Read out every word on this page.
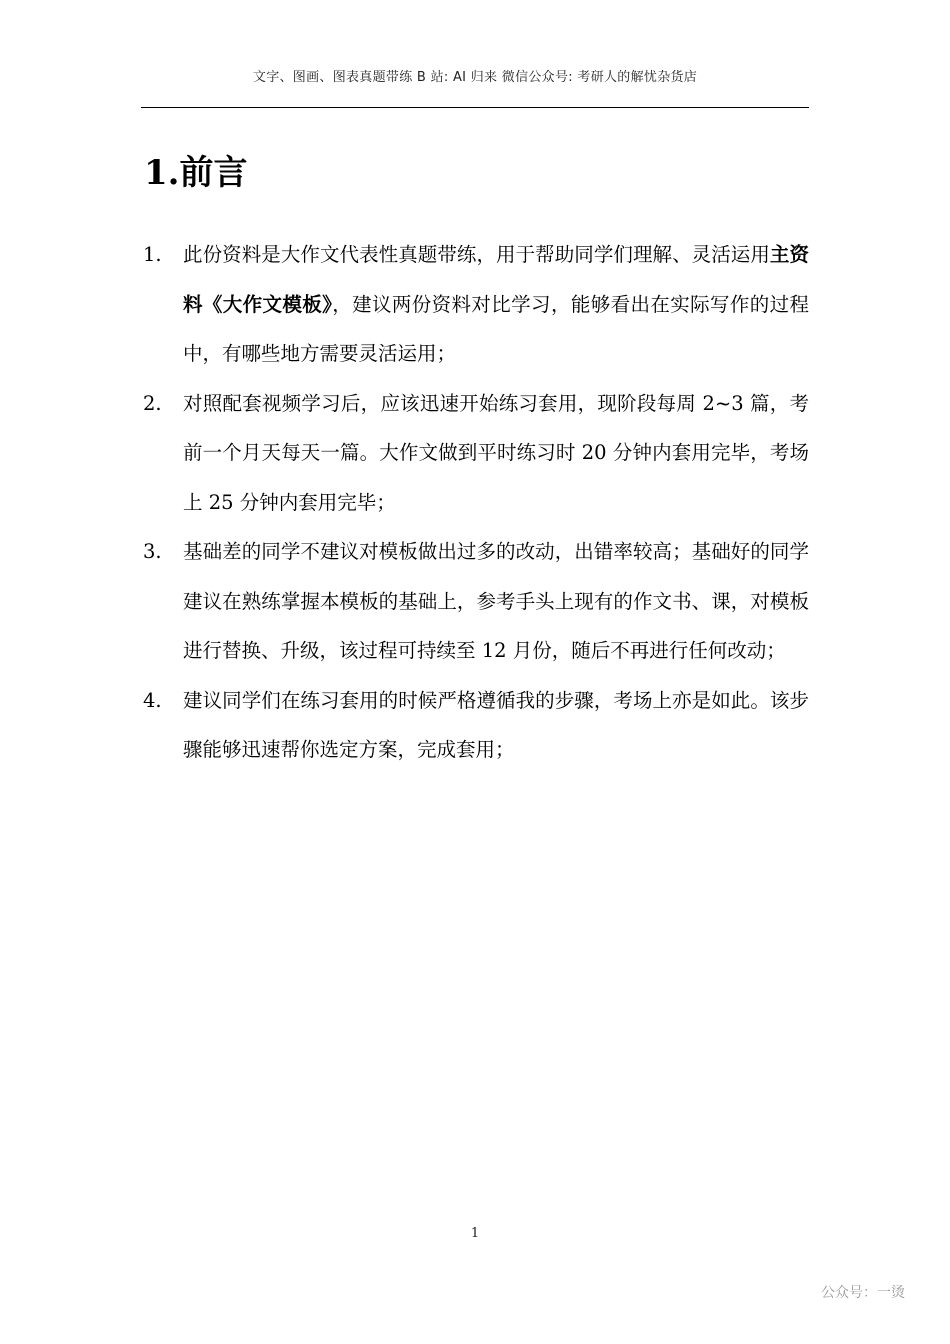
文字、图画、图表真题带练 B 站: AI 归来 微信公众号: 考研人的解忧杂货店
1.前言
1.	此份资料是大作文代表性真题带练，用于帮助同学们理解、灵活运用主资料《大作文模板》，建议两份资料对比学习，能够看出在实际写作的过程中，有哪些地方需要灵活运用；
2.	对照配套视频学习后，应该迅速开始练习套用，现阶段每周 2~3 篇，考前一个月天每天一篇。大作文做到平时练习时 20 分钟内套用完毕，考场上 25 分钟内套用完毕；
3.	基础差的同学不建议对模板做出过多的改动，出错率较高；基础好的同学建议在熟练掌握本模板的基础上，参考手头上现有的作文书、课，对模板进行替换、升级，该过程可持续至 12 月份，随后不再进行任何改动；
4.	建议同学们在练习套用的时候严格遵循我的步骤，考场上亦是如此。该步骤能够迅速帮你选定方案，完成套用；
1
公众号：一烫
